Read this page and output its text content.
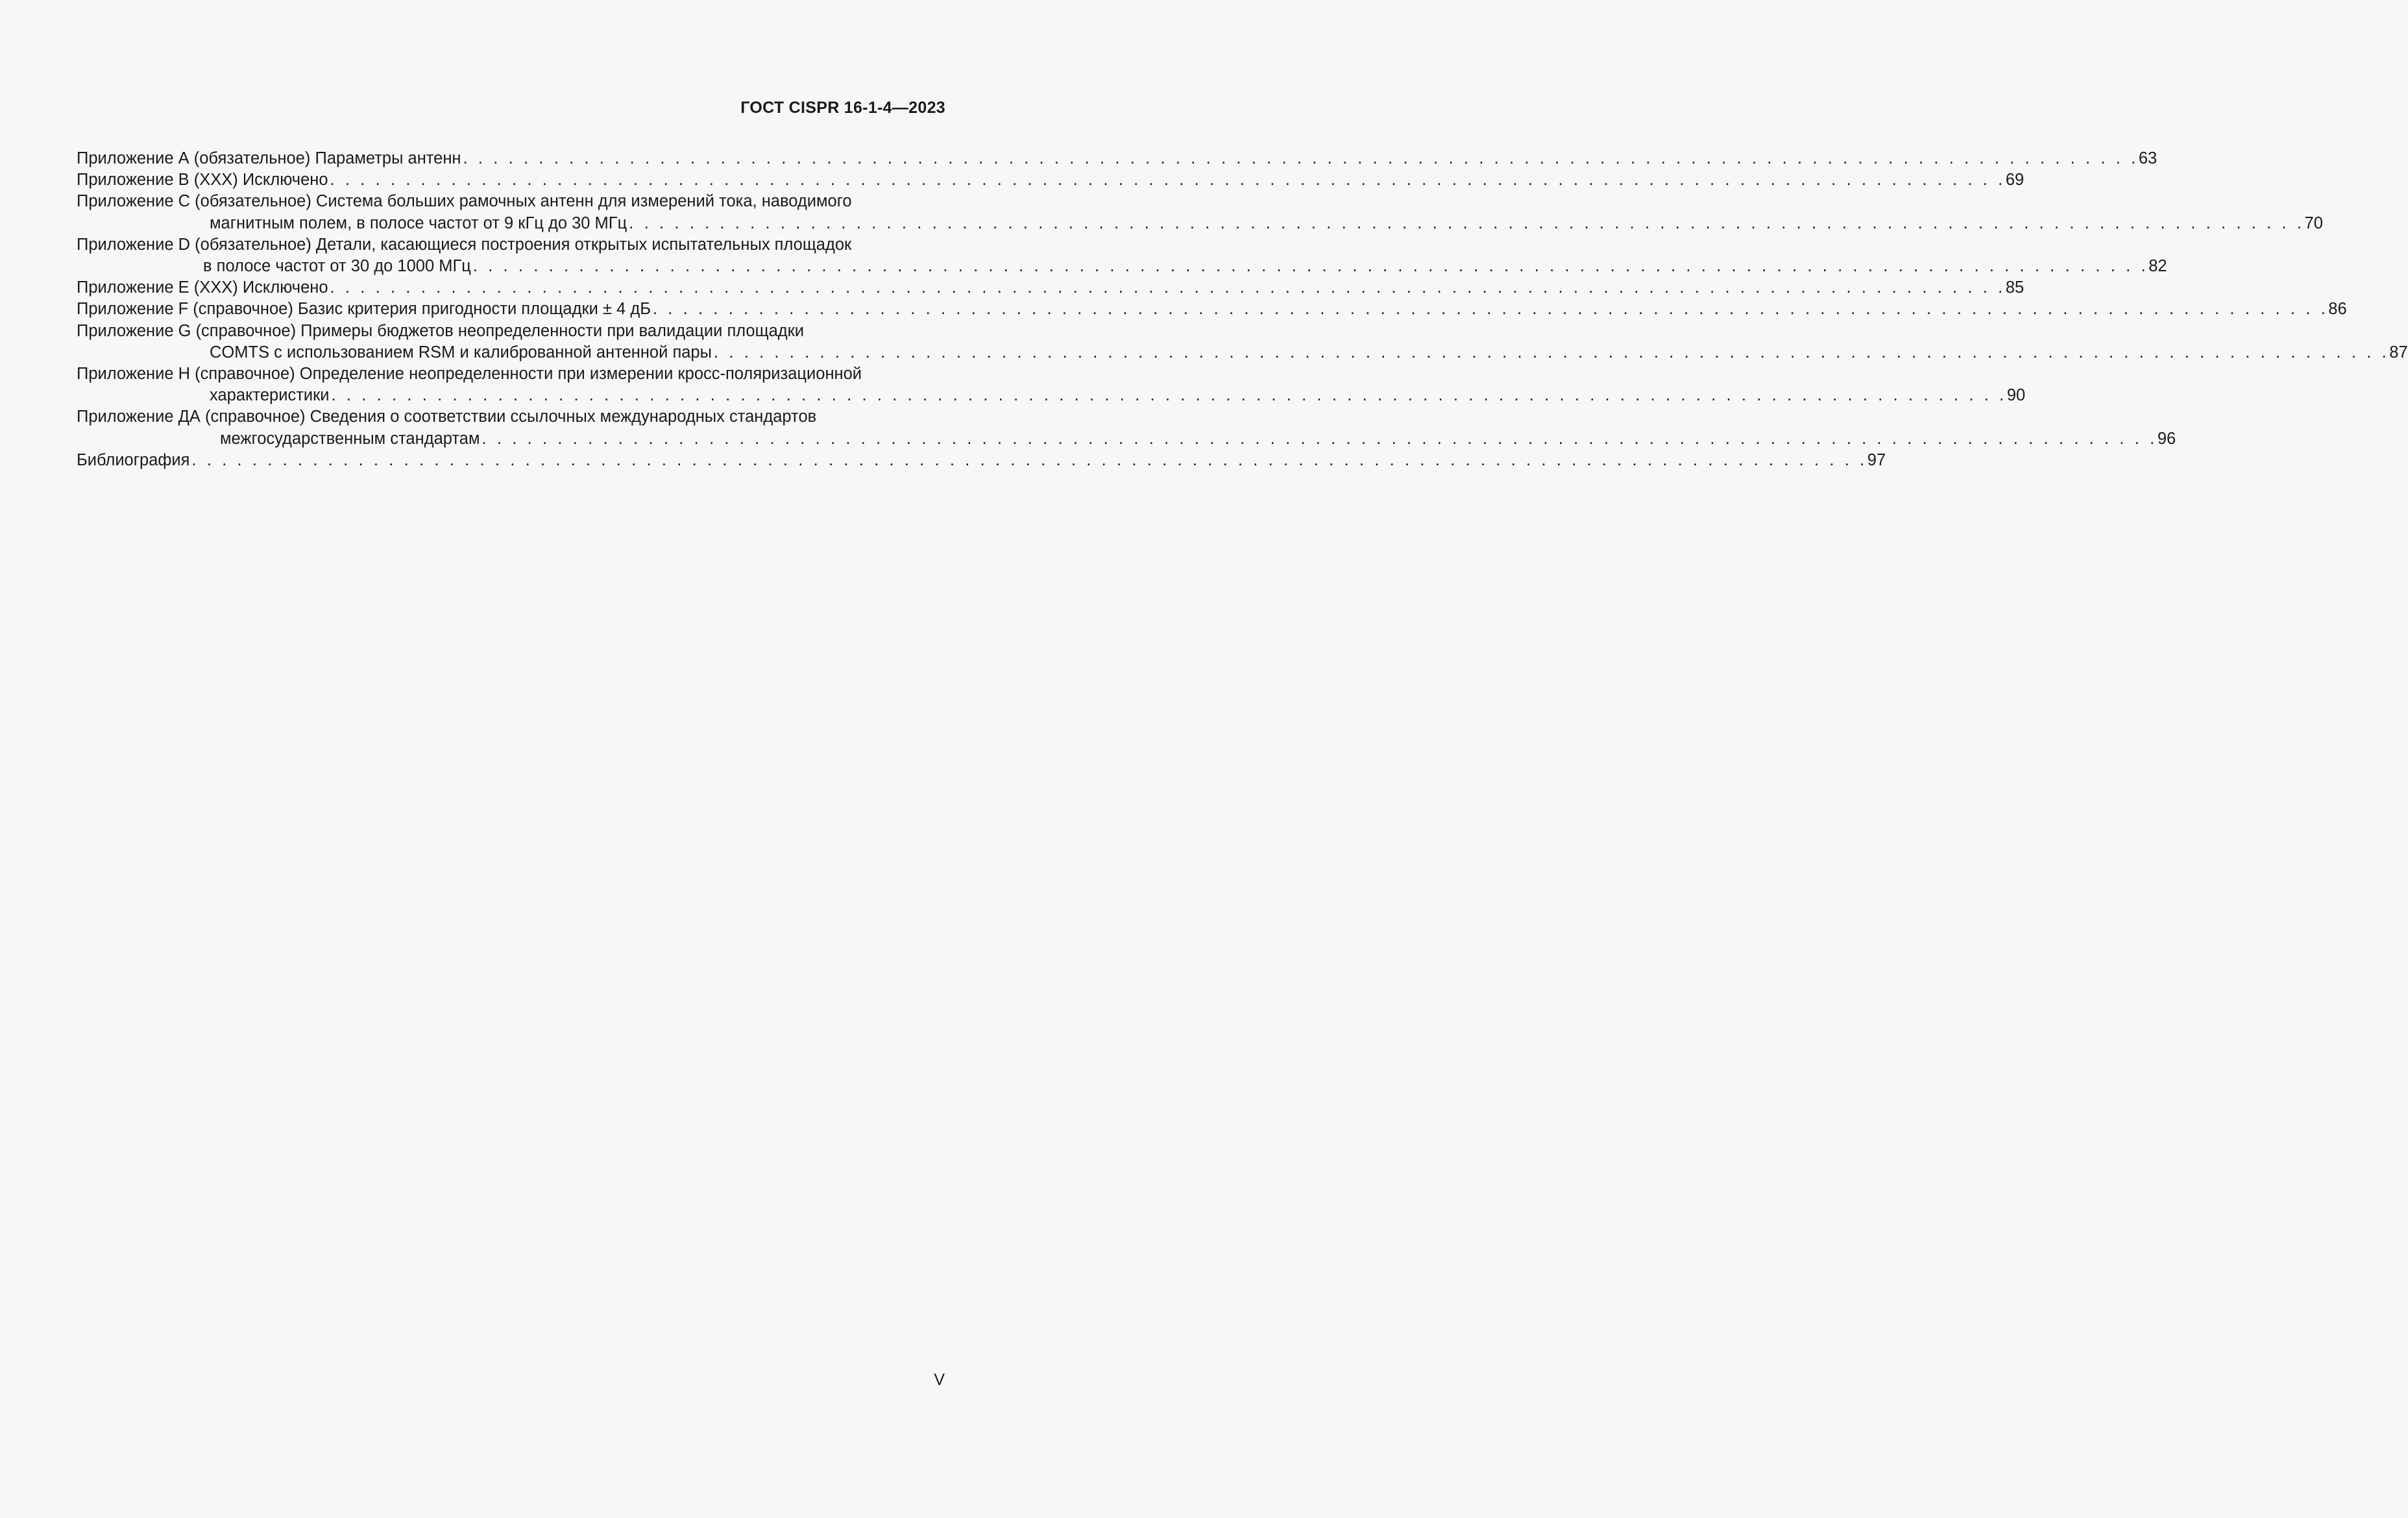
ГОСТ CISPR 16-1-4—2023
Приложение А (обязательное) Параметры антенн . . . . . . . . . . . . . . . . . . . . . . . . . . . . . . . . . . . . . . . . . . . . . . . . . . . . . . . . . . . . . . . . . . . . . . . . . . . . . . . . . . . . . . . . . . . . . . . . . . . . . . . . . . . . . . . 63
Приложение В (ХХХ) Исключено . . . . . . . . . . . . . . . . . . . . . . . . . . . . . . . . . . . . . . . . . . . . . . . . . . . . . . . . . . . . . . . . . . . . . . . . . . . . . . . . . . . . . . . . . . . . . . . . . . . . . . . . . . . . . . . 69
Приложение С (обязательное) Система больших рамочных антенн для измерений тока, наводимого
магнитным полем, в полосе частот от 9 кГц до 30 МГц . . . . . . . . . . . . . . . . . . . . . . . . . . . . . . . . . . . . . . . . . . . . . . . . . . . . . . . . . . . . . . . . . . . . . . . . . . . . . . . . . . . . . . . . . . . . . . . . . . . . . . . . . . . . . . . 70
Приложение D (обязательное) Детали, касающиеся построения открытых испытательных площадок
в полосе частот от 30 до 1000 МГц . . . . . . . . . . . . . . . . . . . . . . . . . . . . . . . . . . . . . . . . . . . . . . . . . . . . . . . . . . . . . . . . . . . . . . . . . . . . . . . . . . . . . . . . . . . . . . . . . . . . . . . . . . . . . . . 82
Приложение Е (ХХХ) Исключено . . . . . . . . . . . . . . . . . . . . . . . . . . . . . . . . . . . . . . . . . . . . . . . . . . . . . . . . . . . . . . . . . . . . . . . . . . . . . . . . . . . . . . . . . . . . . . . . . . . . . . . . . . . . . . . 85
Приложение F (справочное) Базис критерия пригодности площадки ± 4 дБ . . . . . . . . . . . . . . . . . . . . . . . . . . . . . . . . . . . . . . . . . . . . . . . . . . . . . . . . . . . . . . . . . . . . . . . . . . . . . . . . . . . . . . . . . . . . . . . . . . . . . . . . . . . . . . . 86
Приложение G (справочное) Примеры бюджетов неопределенности при валидации площадки
COMTS с использованием RSM и калиброванной антенной пары . . . . . . . . . . . . . . . . . . . . . . . . . . . . . . . . . . . . . . . . . . . . . . . . . . . . . . . . . . . . . . . . . . . . . . . . . . . . . . . . . . . . . . . . . . . . . . . . . . . . . . . . . . . . . . . 87
Приложение Н (справочное) Определение неопределенности при измерении кросс-поляризационной
характеристики . . . . . . . . . . . . . . . . . . . . . . . . . . . . . . . . . . . . . . . . . . . . . . . . . . . . . . . . . . . . . . . . . . . . . . . . . . . . . . . . . . . . . . . . . . . . . . . . . . . . . . . . . . . . . . . 90
Приложение ДА (справочное) Сведения о соответствии ссылочных международных стандартов
межгосударственным стандартам . . . . . . . . . . . . . . . . . . . . . . . . . . . . . . . . . . . . . . . . . . . . . . . . . . . . . . . . . . . . . . . . . . . . . . . . . . . . . . . . . . . . . . . . . . . . . . . . . . . . . . . . . . . . . . . 96
Библиография . . . . . . . . . . . . . . . . . . . . . . . . . . . . . . . . . . . . . . . . . . . . . . . . . . . . . . . . . . . . . . . . . . . . . . . . . . . . . . . . . . . . . . . . . . . . . . . . . . . . . . . . . . . . . . . 97
V
